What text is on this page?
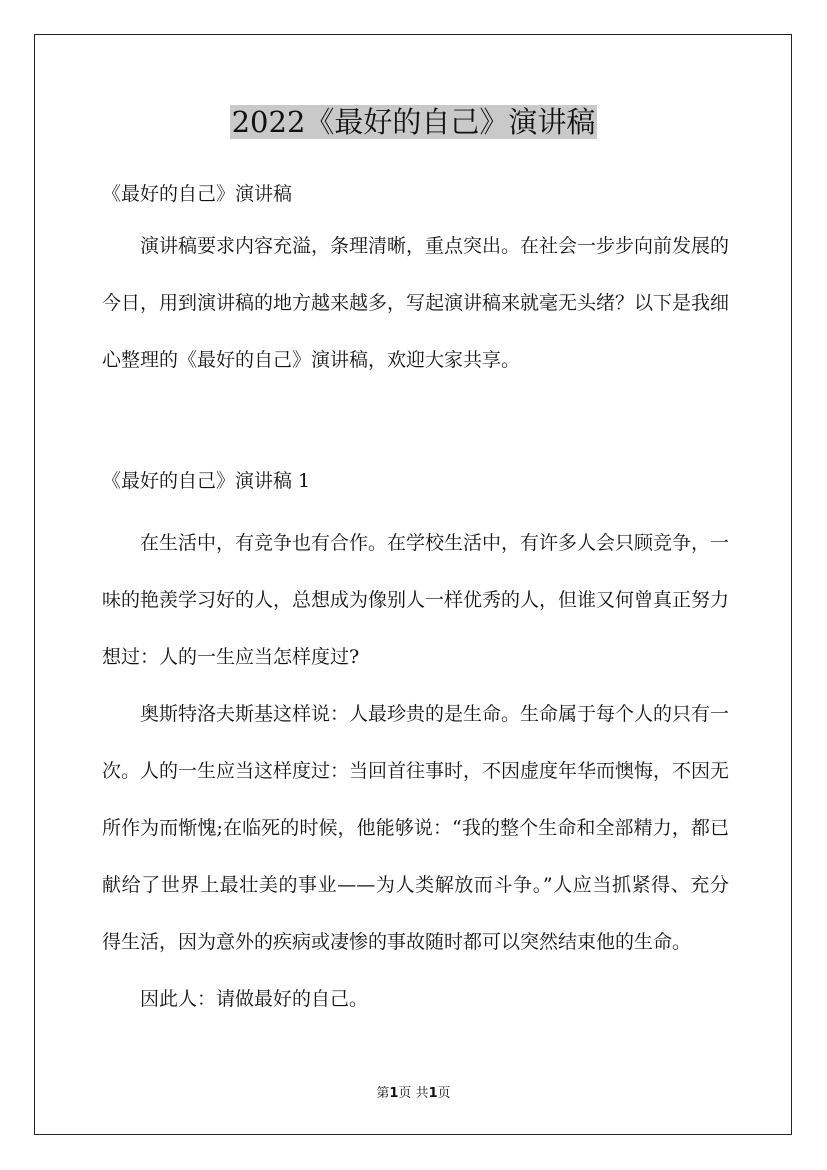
2022《最好的自己》演讲稿
《最好的自己》演讲稿

演讲稿要求内容充溢，条理清晰，重点突出。在社会一步步向前发展的今日，用到演讲稿的地方越来越多，写起演讲稿来就毫无头绪？以下是我细心整理的《最好的自己》演讲稿，欢迎大家共享。

《最好的自己》演讲稿 1

在生活中，有竞争也有合作。在学校生活中，有许多人会只顾竞争，一味的艳羡学习好的人，总想成为像别人一样优秀的人，但谁又何曾真正努力想过：人的一生应当怎样度过?

奥斯特洛夫斯基这样说：人最珍贵的是生命。生命属于每个人的只有一次。人的一生应当这样度过：当回首往事时，不因虚度年华而懊悔，不因无所作为而惭愧;在临死的时候，他能够说：“我的整个生命和全部精力，都已献给了世界上最壮美的事业——为人类解放而斗争。”人应当抓紧得、充分得生活，因为意外的疾病或凄惨的事故随时都可以突然结束他的生命。

因此人：请做最好的自己。

第1页 共1页
